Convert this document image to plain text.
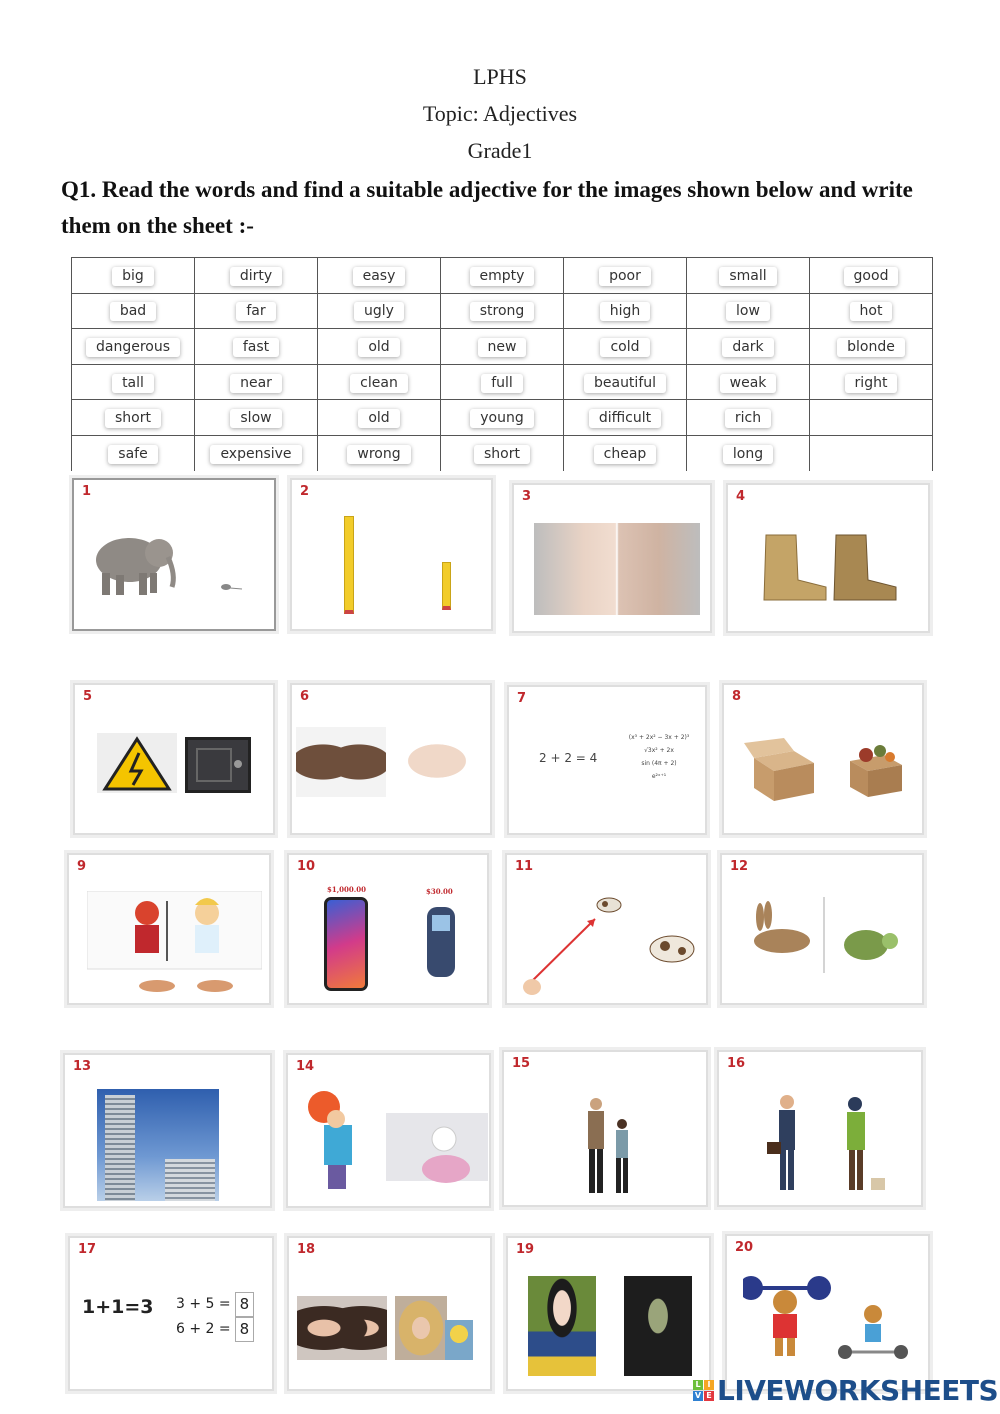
LPHS
Topic: Adjectives
Grade1
Q1. Read the words and find a suitable adjective for the images shown below and write them on the sheet :-
big	dirty	easy	empty	poor	small	good
bad	far	ugly	strong	high	low	hot
dangerous	fast	old	new	cold	dark	blonde
tall	near	clean	full	beautiful	weak	right
short	slow	old	young	difficult	rich	
safe	expensive	wrong	short	cheap	long	
1	2	3	4
5	6	7
2 + 2 = 4
(x³ + 2x² − 3x + 2)³
√3x² + 2x
sin (4π + 2)
e²ˣ⁺¹
8
9	10
$1,000.00	$30.00
11	12
13	14	15	16
17
1+1=3 3 + 5 = 8
6 + 2 = 8
18	19	20
L I
V E LIVEWORKSHEETS
